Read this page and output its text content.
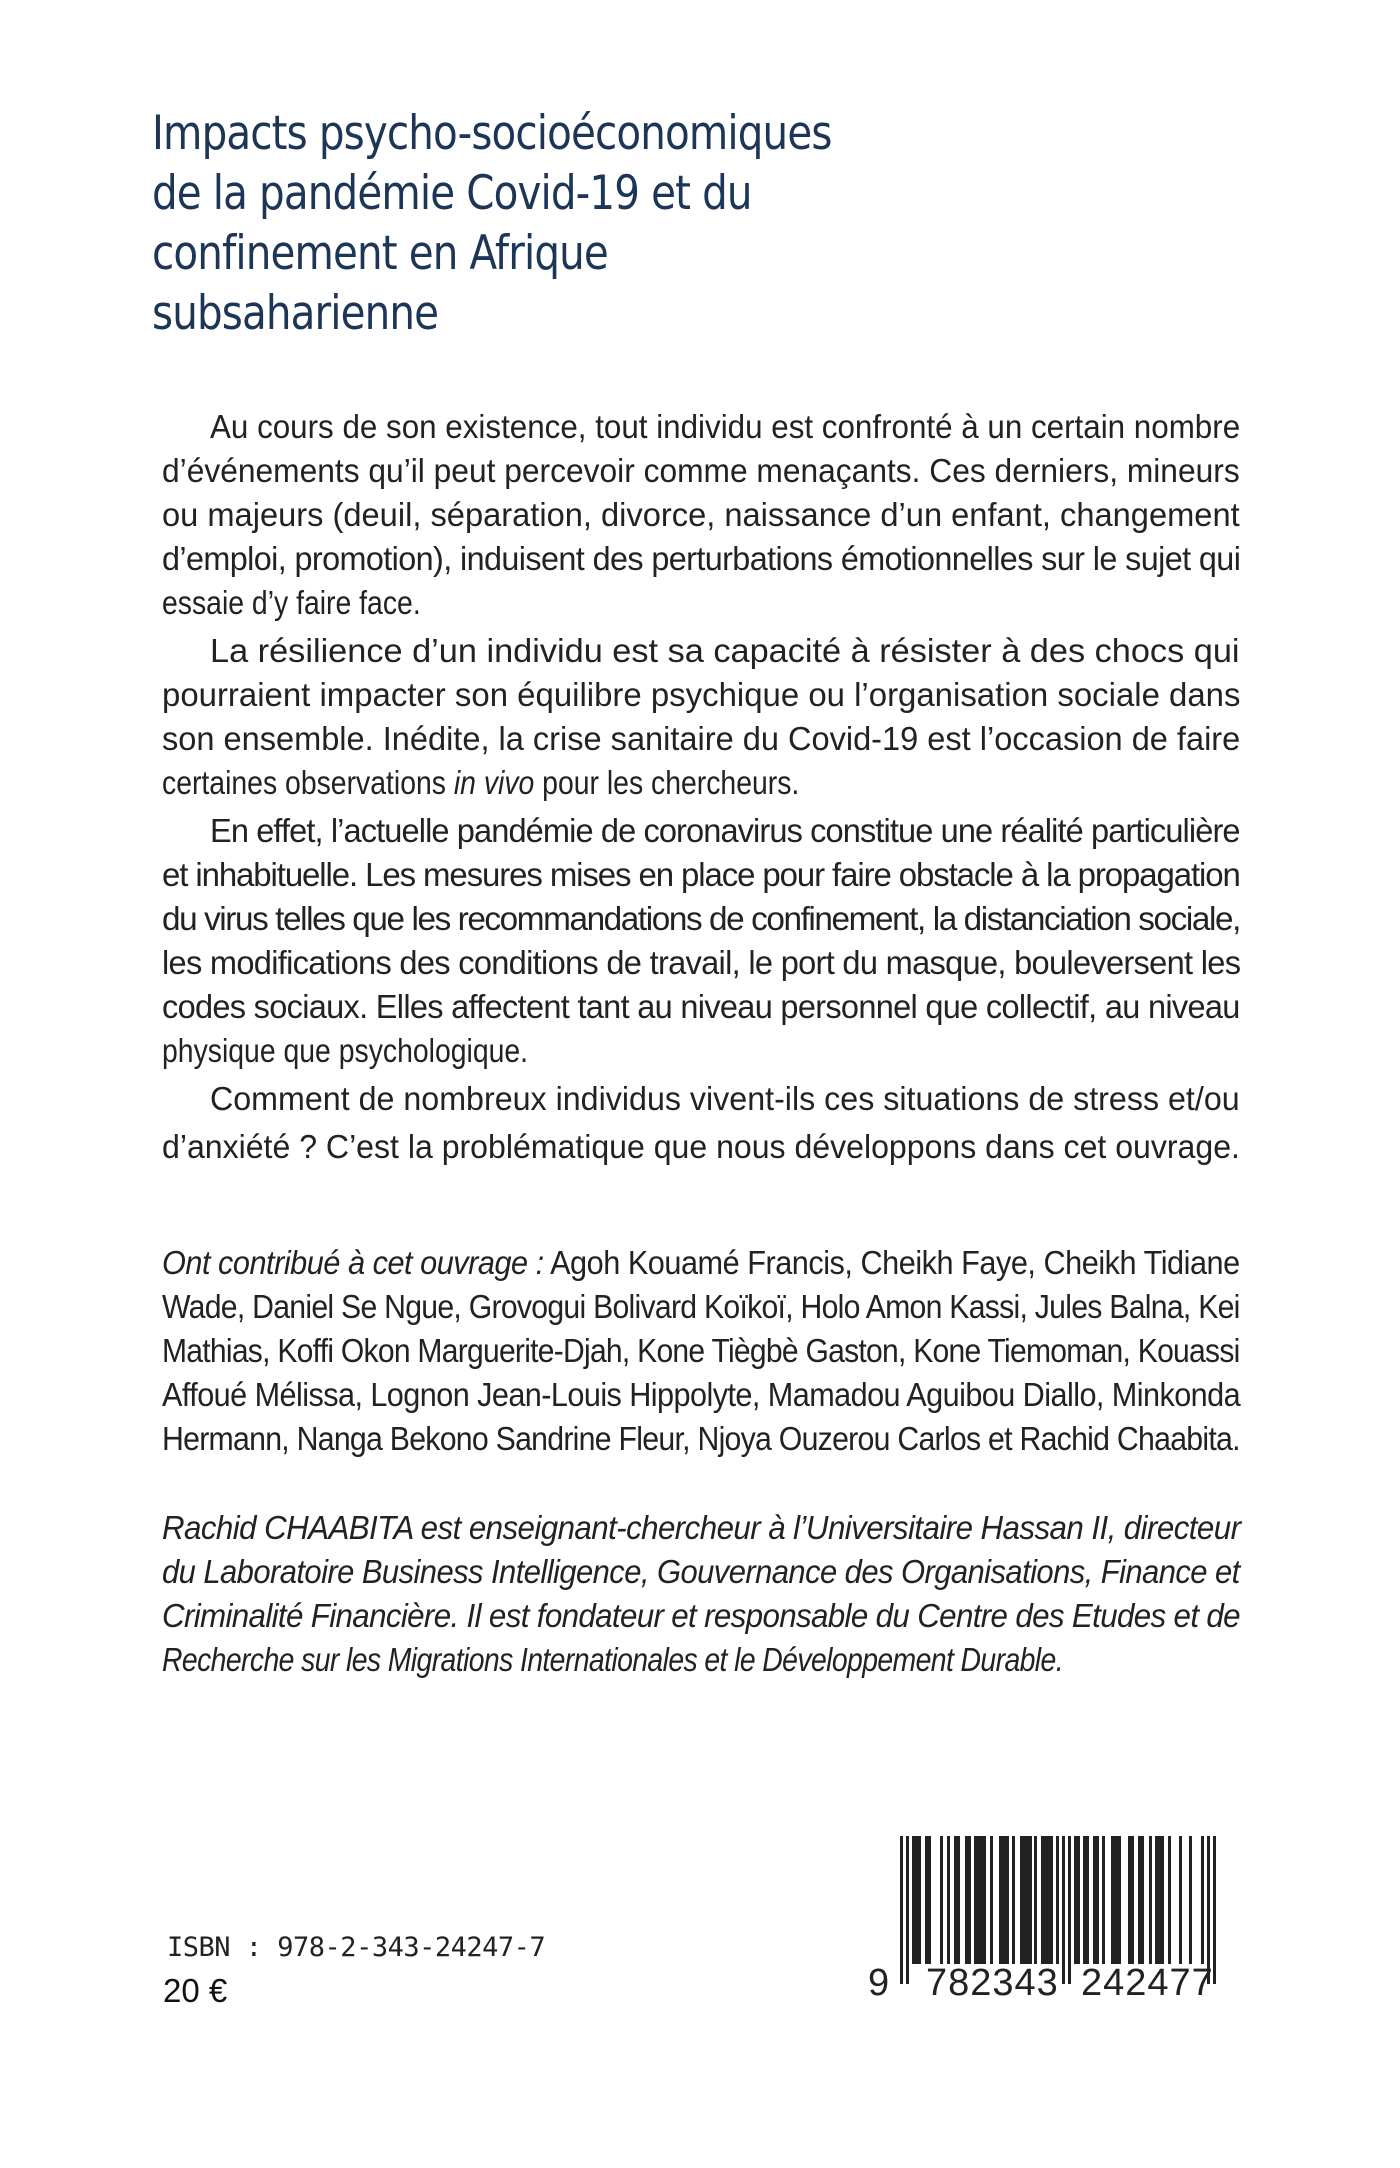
Impacts psycho-socioéconomiques
de la pandémie Covid-19 et du
confinement en Afrique
subsaharienne
Au cours de son existence, tout individu est confronté à un certain nombre
d’événements qu’il peut percevoir comme menaçants. Ces derniers, mineurs
ou majeurs (deuil, séparation, divorce, naissance d’un enfant, changement
d’emploi, promotion), induisent des perturbations émotionnelles sur le sujet qui
essaie d’y faire face.
La résilience d’un individu est sa capacité à résister à des chocs qui
pourraient impacter son équilibre psychique ou l’organisation sociale dans
son ensemble. Inédite, la crise sanitaire du Covid-19 est l’occasion de faire
certaines observations in vivo pour les chercheurs.
En effet, l’actuelle pandémie de coronavirus constitue une réalité particulière
et inhabituelle. Les mesures mises en place pour faire obstacle à la propagation
du virus telles que les recommandations de confinement, la distanciation sociale,
les modifications des conditions de travail, le port du masque, bouleversent les
codes sociaux. Elles affectent tant au niveau personnel que collectif, au niveau
physique que psychologique.
Comment de nombreux individus vivent-ils ces situations de stress et/ou
d’anxiété ? C’est la problématique que nous développons dans cet ouvrage.
Ont contribué à cet ouvrage : Agoh Kouamé Francis, Cheikh Faye, Cheikh Tidiane
Wade, Daniel Se Ngue, Grovogui Bolivard Koïkoï, Holo Amon Kassi, Jules Balna, Kei
Mathias, Koffi Okon Marguerite-Djah, Kone Tiègbè Gaston, Kone Tiemoman, Kouassi
Affoué Mélissa, Lognon Jean-Louis Hippolyte, Mamadou Aguibou Diallo, Minkonda
Hermann, Nanga Bekono Sandrine Fleur, Njoya Ouzerou Carlos et Rachid Chaabita.
Rachid CHAABITA est enseignant-chercheur à l’Universitaire Hassan II, directeur
du Laboratoire Business Intelligence, Gouvernance des Organisations, Finance et
Criminalité Financière. Il est fondateur et responsable du Centre des Etudes et de
Recherche sur les Migrations Internationales et le Développement Durable.
ISBN : 978-2-343-24247-7
20 €	9 782343 242477
